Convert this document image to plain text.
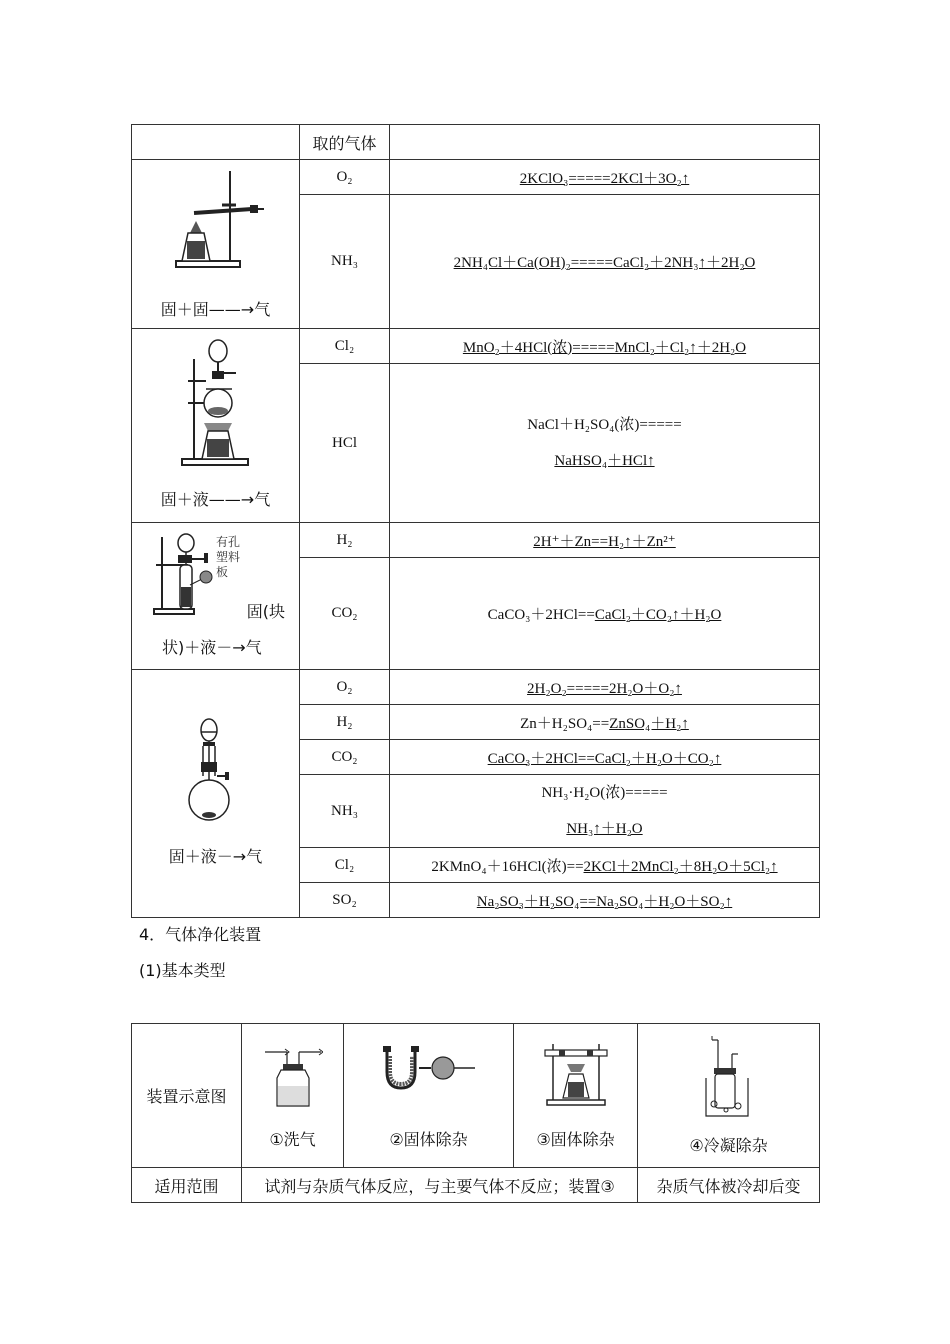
	取的气体	

固＋固——→气	O₂	2KClO₃=====2KCl＋3O₂↑
	NH₃	2NH₄Cl＋Ca(OH)₂=====CaCl₂＋2NH₃↑＋2H₂O

固＋液——→气	Cl₂	MnO₂＋4HCl(浓)=====MnCl₂＋Cl₂↑＋2H₂O
	HCl	NaCl＋H₂SO₄(浓)=====
NaHSO₄＋HCl↑

有孔
塑料
板
固(块
状)＋液－→气	H₂	2H⁺＋Zn==H₂↑＋Zn²⁺
	CO₂	CaCO₃＋2HCl==CaCl₂＋CO₂↑＋H₂O

固＋液－→气	O₂	2H₂O₂=====2H₂O＋O₂↑
	H₂	Zn＋H₂SO₄==ZnSO₄＋H₂↑
	CO₂	CaCO₃＋2HCl==CaCl₂＋H₂O＋CO₂↑
	NH₃	NH₃·H₂O(浓)=====
NH₃↑＋H₂O

	Cl₂	2KMnO₄＋16HCl(浓)==2KCl＋2MnCl₂＋8H₂O＋5Cl₂↑
	SO₂	Na₂SO₃＋H₂SO₄==Na₂SO₄＋H₂O＋SO₂↑
4．气体净化装置
(1)基本类型
装置示意图	①洗气	②固体除杂	③固体除杂	④冷凝除杂

适用范围	试剂与杂质气体反应，与主要气体不反应；装置③			杂质气体被冷却后变
